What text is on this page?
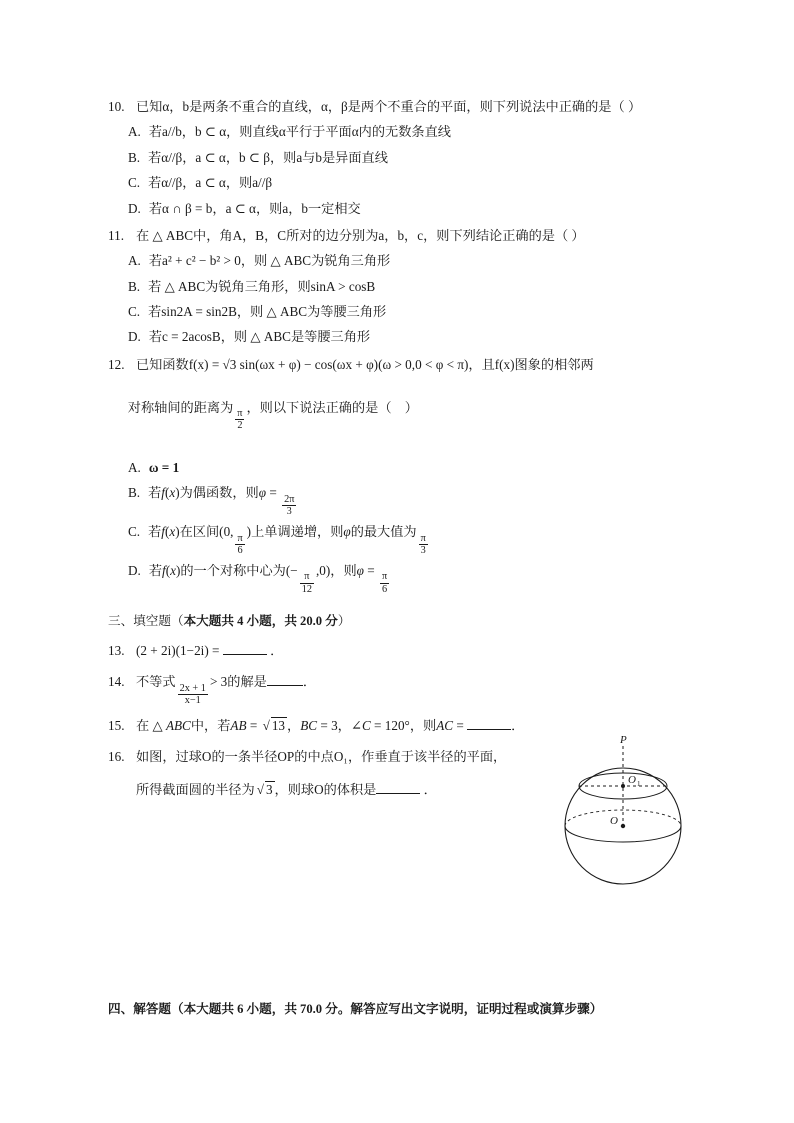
10. 已知α，b是两条不重合的直线，α，β是两个不重合的平面，则下列说法中正确的是（ ）
A. 若a//b，b ⊂ α，则直线α平行于平面α内的无数条直线
B. 若α//β，a ⊂ α，b ⊂ β，则a与b是异面直线
C. 若α//β，a ⊂ α，则a//β
D. 若α ∩ β = b，a ⊂ α，则a，b一定相交
11. 在 △ ABC中，角A，B，C所对的边分别为a，b，c，则下列结论正确的是（ ）
A. 若a² + c² − b² > 0，则 △ ABC为锐角三角形
B. 若 △ ABC为锐角三角形，则sinA > cosB
C. 若sin2A = sin2B，则 △ ABC为等腰三角形
D. 若c = 2acosB，则 △ ABC是等腰三角形
12. 已知函数f(x) = √3 sin(ωx + φ) − cos(ωx + φ)(ω > 0,0 < φ < π)，且f(x)图象的相邻两

对称轴间的距离为
$\frac{\pi}{2}$
，则以下说法正确的是（    ）

A. ω = 1
B. 若f(x)为偶函数，则φ =
$\frac{2\pi}{3}$
C. 若f(x)在区间(0,
$\frac{\pi}{6}$
)上单调递增，则φ的最大值为
$\frac{\pi}{3}$
D. 若f(x)的一个对称中心为(−
$\frac{\pi}{12}$
,0)，则φ =
$\frac{\pi}{6}$
三、填空题（本大题共 4 小题，共 20.0 分）
13. (2 + 2i)(1−2i) =	．
14. 不等式
$\frac{2x + 1}{x-1}$
> 3的解是	．
15. 在 △ ABC中，若AB = √ 13 ，BC = 3，∠C = 120°，则AC =	．
16. 如图，过球O的一条半径OP的中点O₁，作垂直于该半径的平面，
所得截面圆的半径为 √ 3 ，则球O的体积是	．
P
O 1
O
四、解答题（本大题共 6 小题，共 70.0 分。解答应写出文字说明，证明过程或演算步骤）
